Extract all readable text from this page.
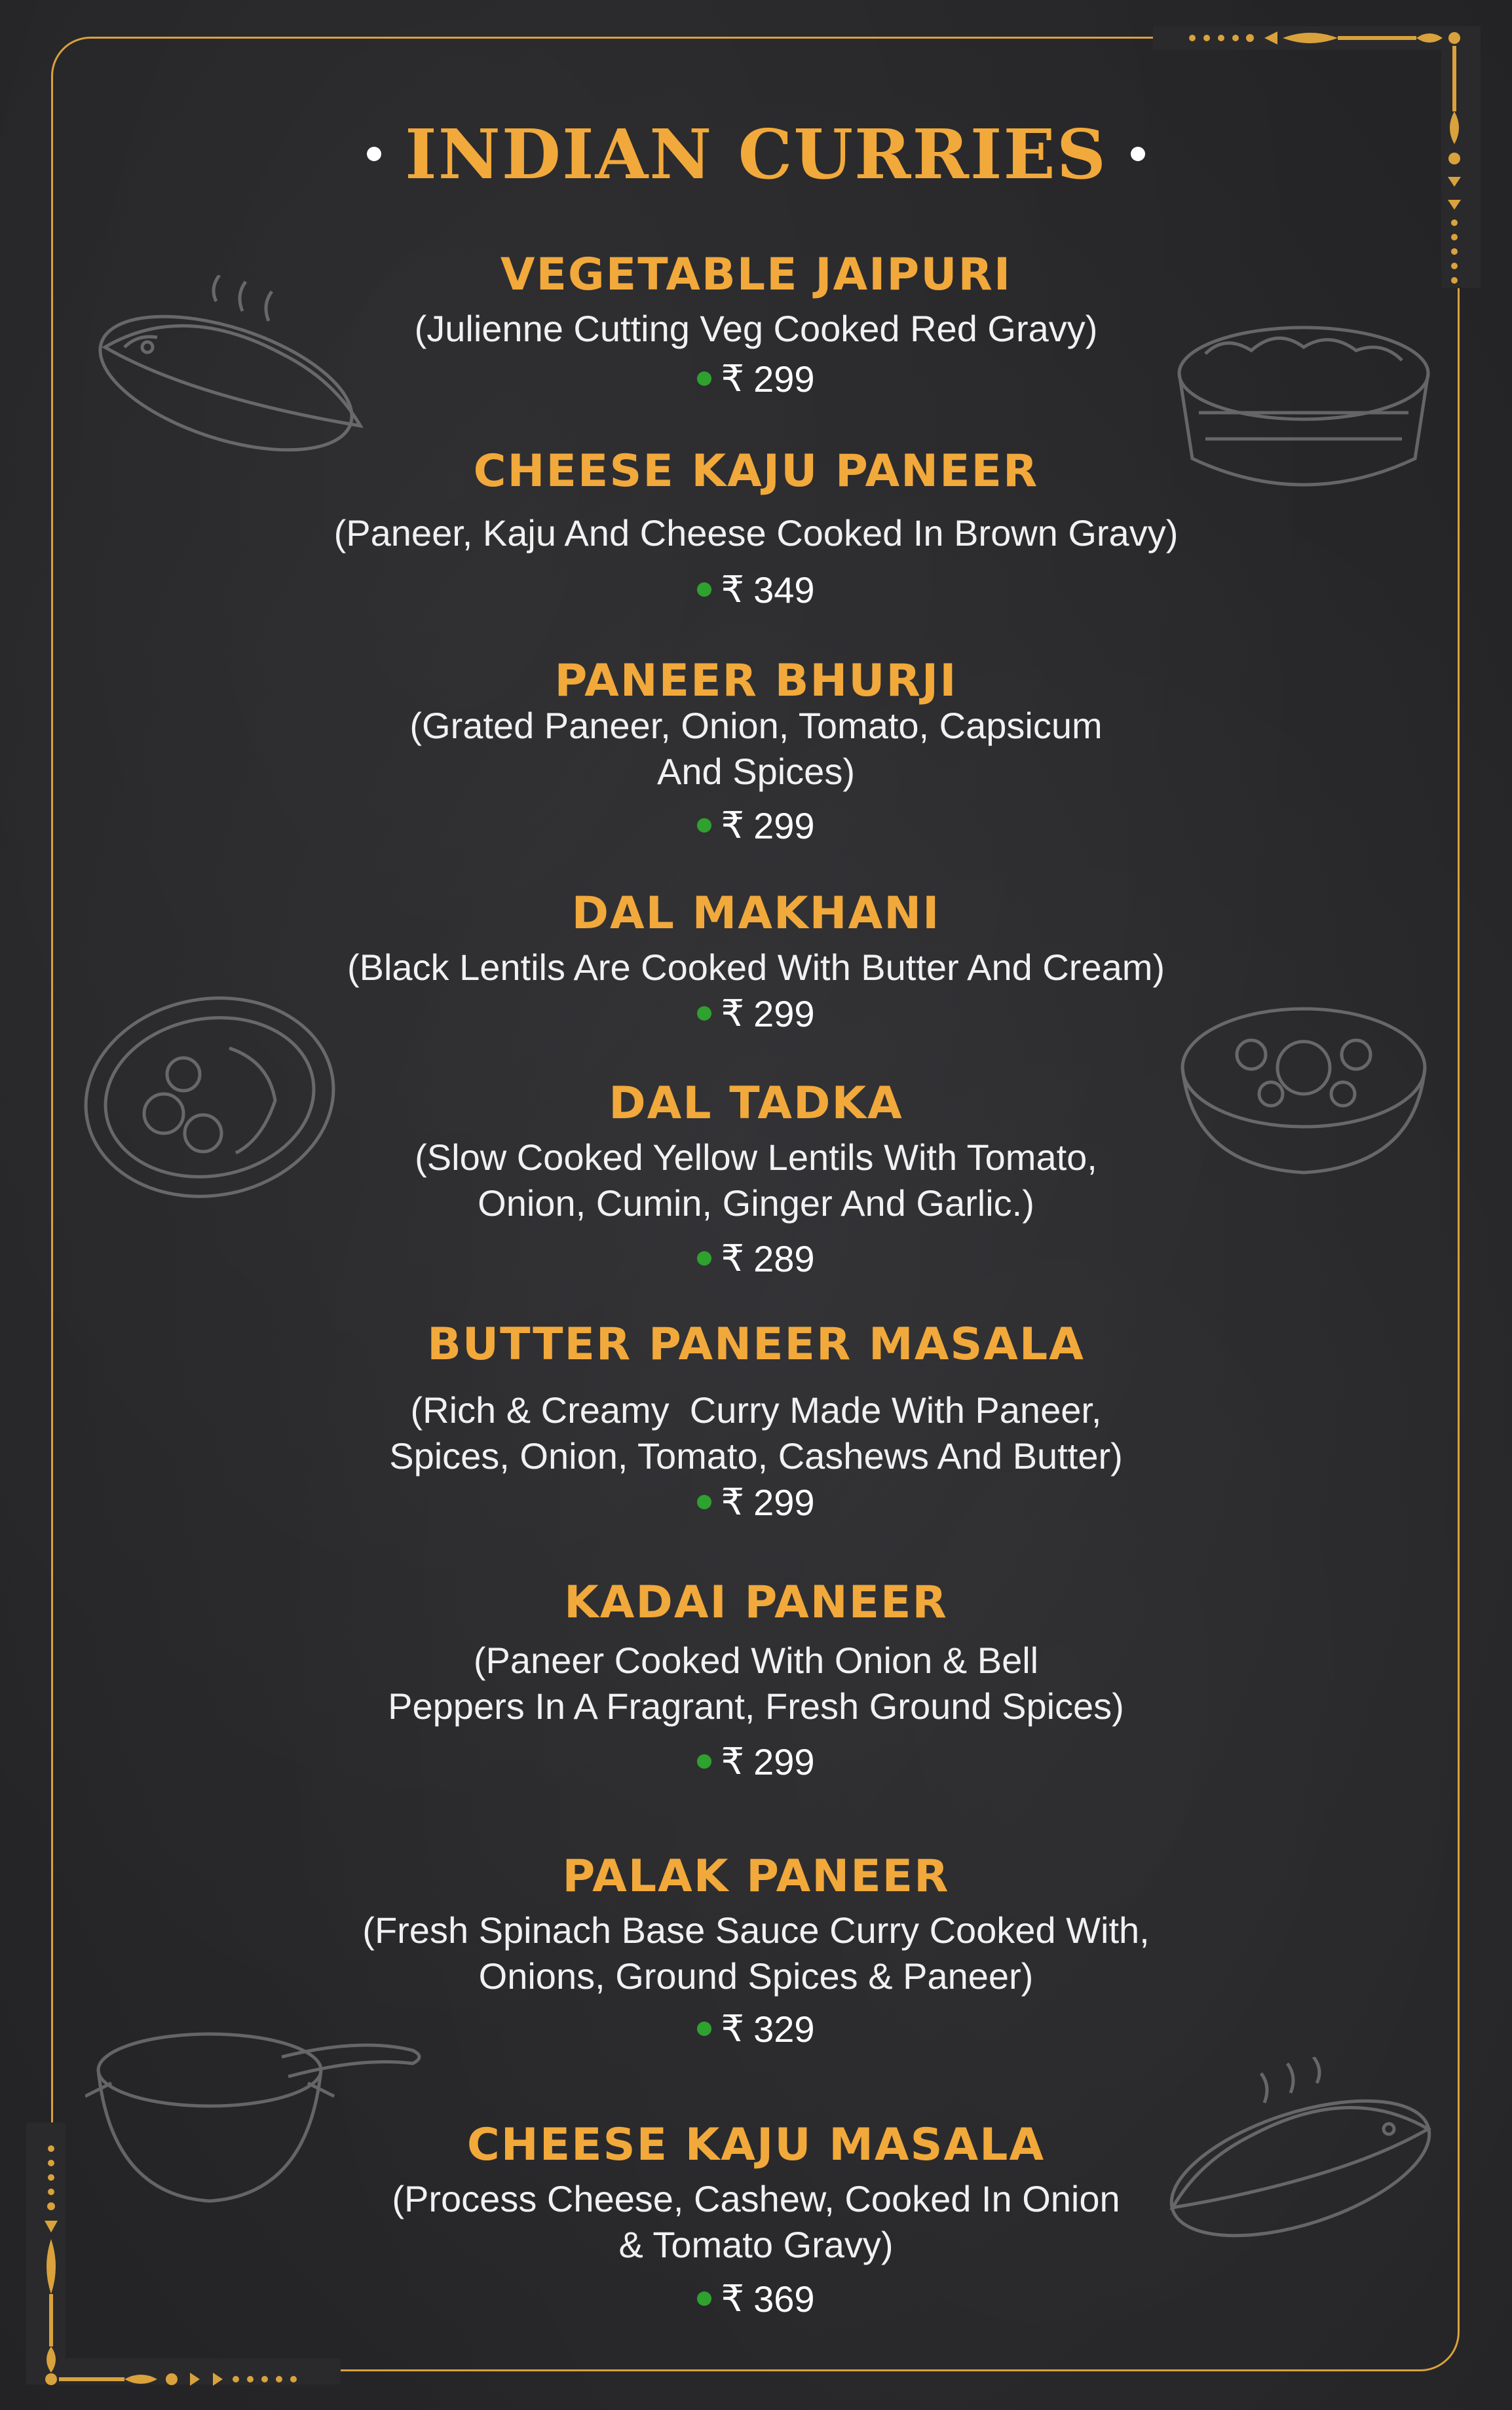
INDIAN CURRIES
VEGETABLE JAIPURI
(Julienne Cutting Veg Cooked Red Gravy)
₹ 299
CHEESE KAJU PANEER
(Paneer, Kaju And Cheese Cooked In Brown Gravy)
₹ 349
PANEER BHURJI
(Grated Paneer, Onion, Tomato, Capsicum
And Spices)
₹ 299
DAL MAKHANI
(Black Lentils Are Cooked With Butter And Cream)
₹ 299
DAL TADKA
(Slow Cooked Yellow Lentils With Tomato,
Onion, Cumin, Ginger And Garlic.)
₹ 289
BUTTER PANEER MASALA
(Rich & Creamy  Curry Made With Paneer,
Spices, Onion, Tomato, Cashews And Butter)
₹ 299
KADAI PANEER
(Paneer Cooked With Onion & Bell
Peppers In A Fragrant, Fresh Ground Spices)
₹ 299
PALAK PANEER
(Fresh Spinach Base Sauce Curry Cooked With,
Onions, Ground Spices & Paneer)
₹ 329
CHEESE KAJU MASALA
(Process Cheese, Cashew, Cooked In Onion
& Tomato Gravy)
₹ 369
